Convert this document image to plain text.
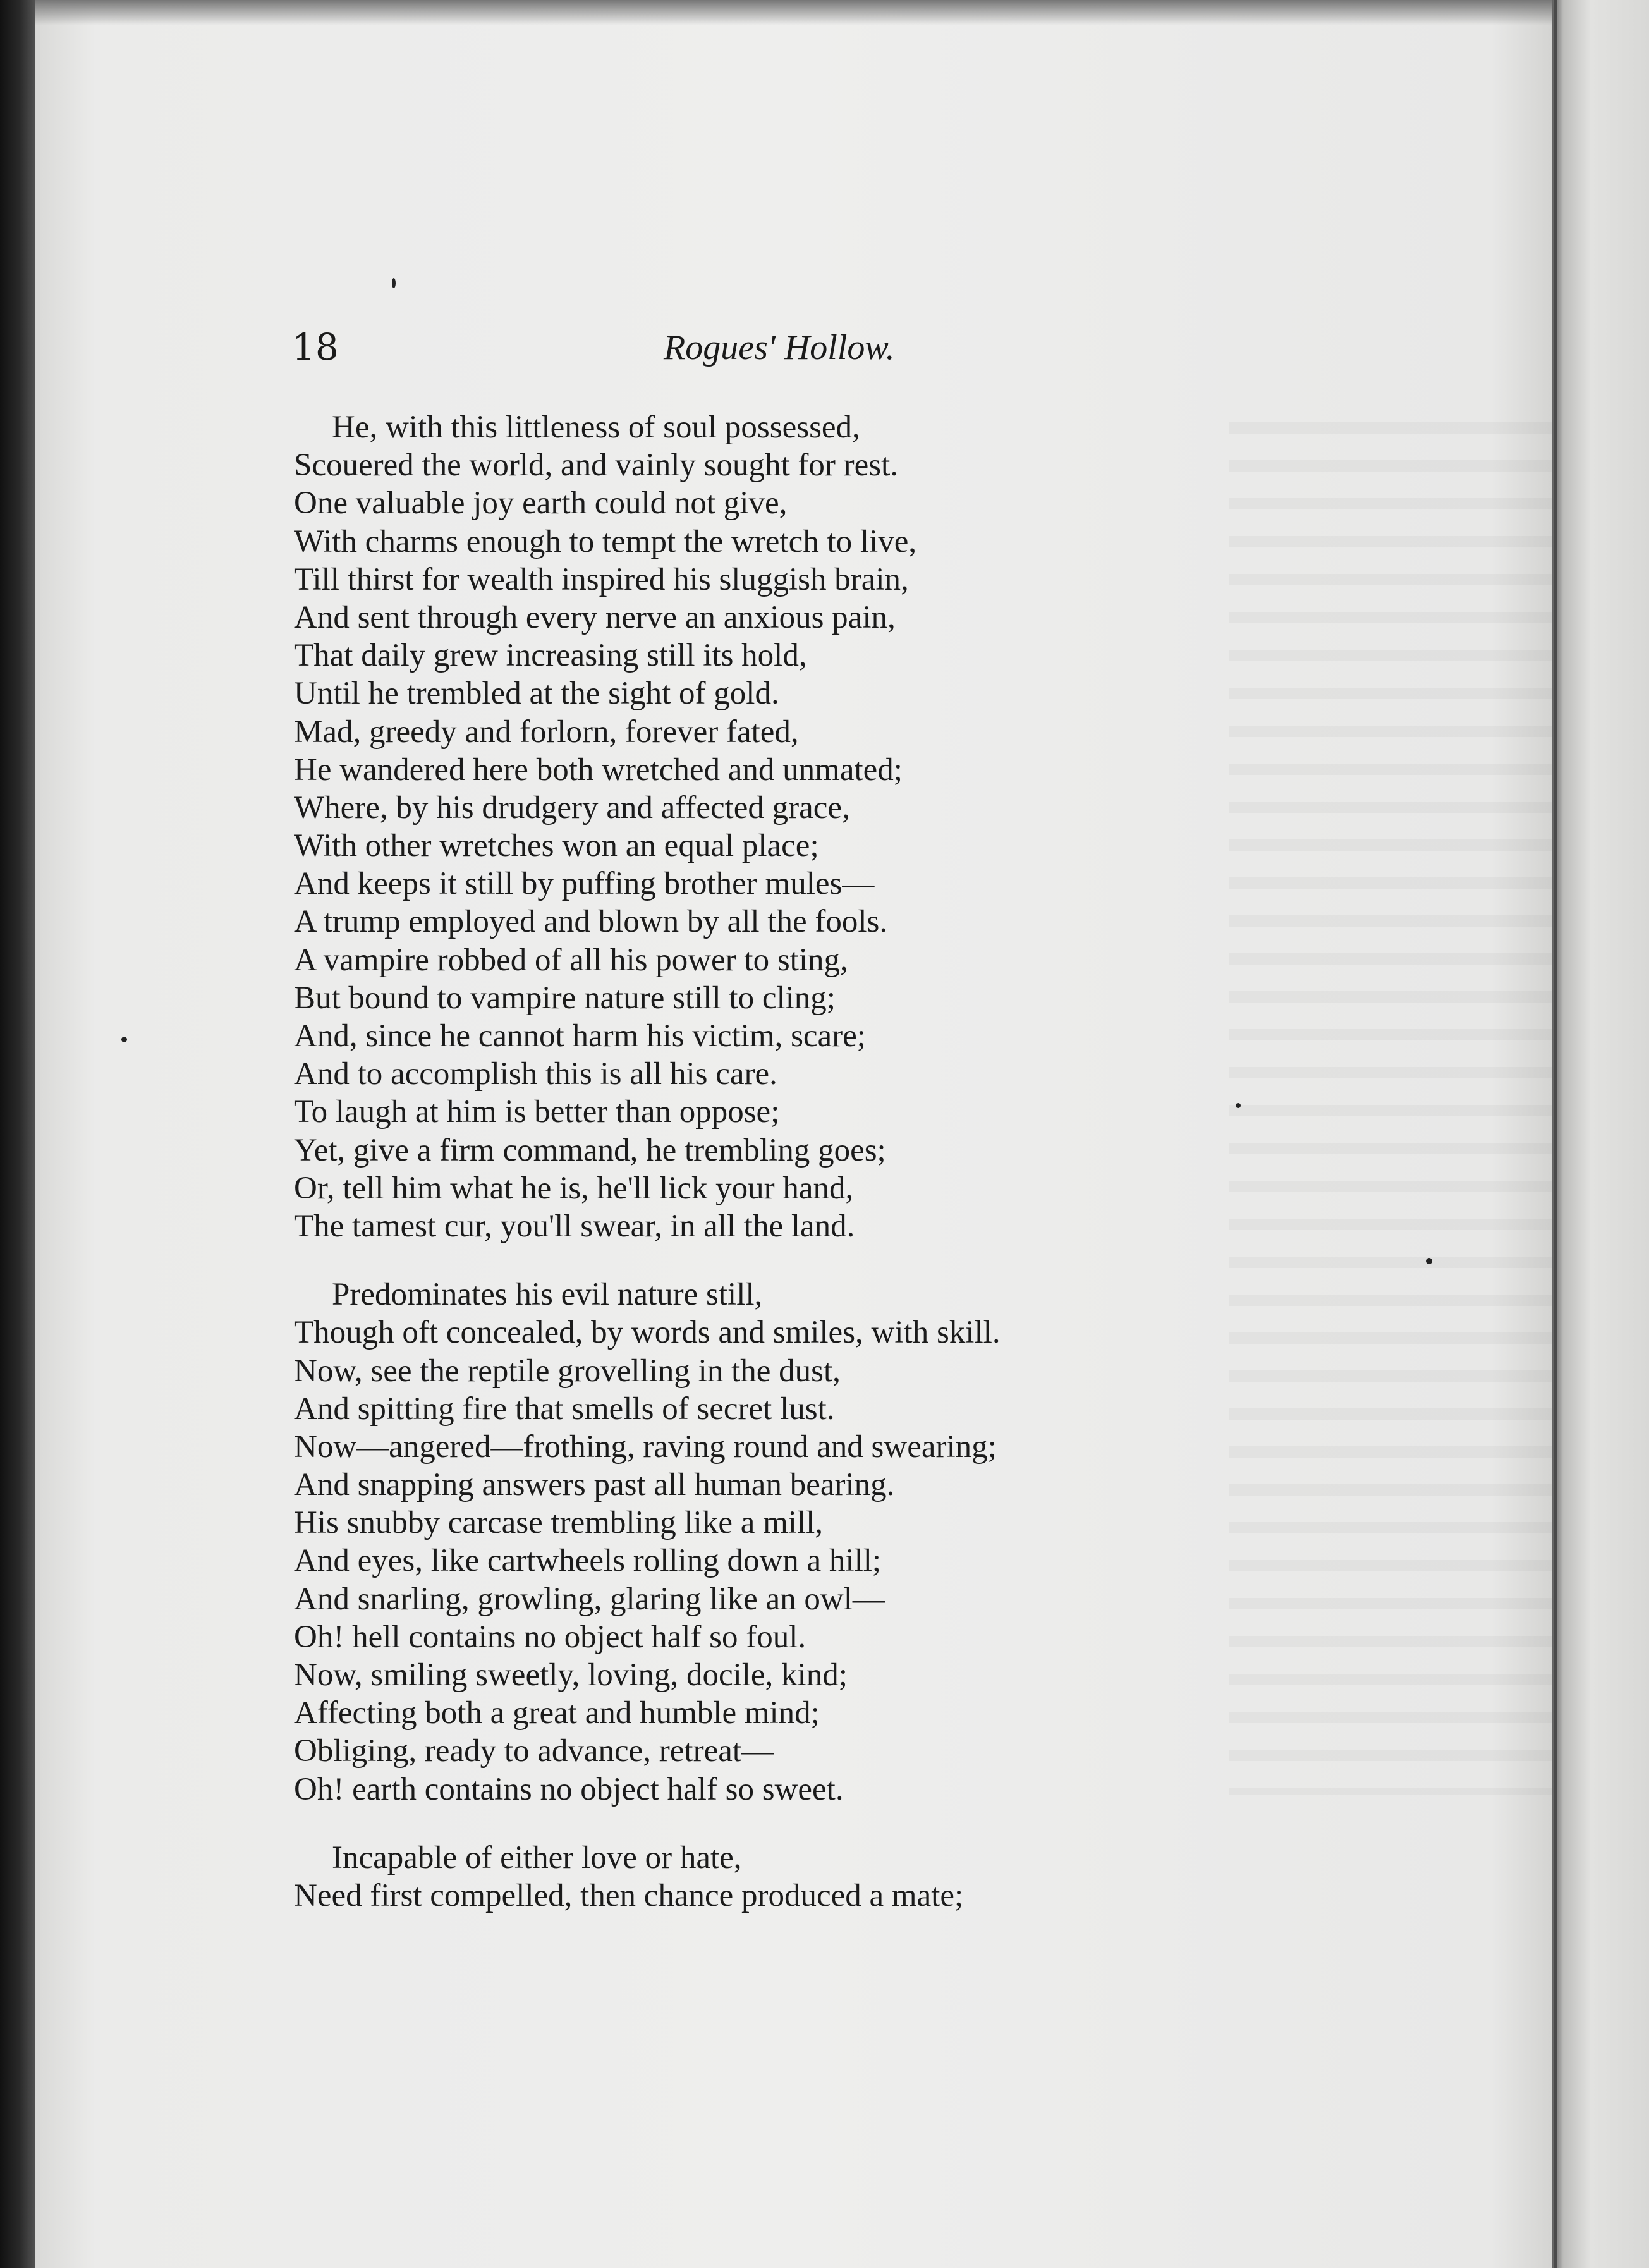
18	Rogues' Hollow.

He, with this littleness of soul possessed,
Scouered the world, and vainly sought for rest.
One valuable joy earth could not give,
With charms enough to tempt the wretch to live,
Till thirst for wealth inspired his sluggish brain,
And sent through every nerve an anxious pain,
That daily grew increasing still its hold,
Until he trembled at the sight of gold.
Mad, greedy and forlorn, forever fated,
He wandered here both wretched and unmated;
Where, by his drudgery and affected grace,
With other wretches won an equal place;
And keeps it still by puffing brother mules—
A trump employed and blown by all the fools.
A vampire robbed of all his power to sting,
But bound to vampire nature still to cling;
And, since he cannot harm his victim, scare;
And to accomplish this is all his care.
To laugh at him is better than oppose;
Yet, give a firm command, he trembling goes;
Or, tell him what he is, he'll lick your hand,
The tamest cur, you'll swear, in all the land.
Predominates his evil nature still,
Though oft concealed, by words and smiles, with skill.
Now, see the reptile grovelling in the dust,
And spitting fire that smells of secret lust.
Now—angered—frothing, raving round and swearing;
And snapping answers past all human bearing.
His snubby carcase trembling like a mill,
And eyes, like cartwheels rolling down a hill;
And snarling, growling, glaring like an owl—
Oh! hell contains no object half so foul.
Now, smiling sweetly, loving, docile, kind;
Affecting both a great and humble mind;
Obliging, ready to advance, retreat—
Oh! earth contains no object half so sweet.
Incapable of either love or hate,
Need first compelled, then chance produced a mate;
